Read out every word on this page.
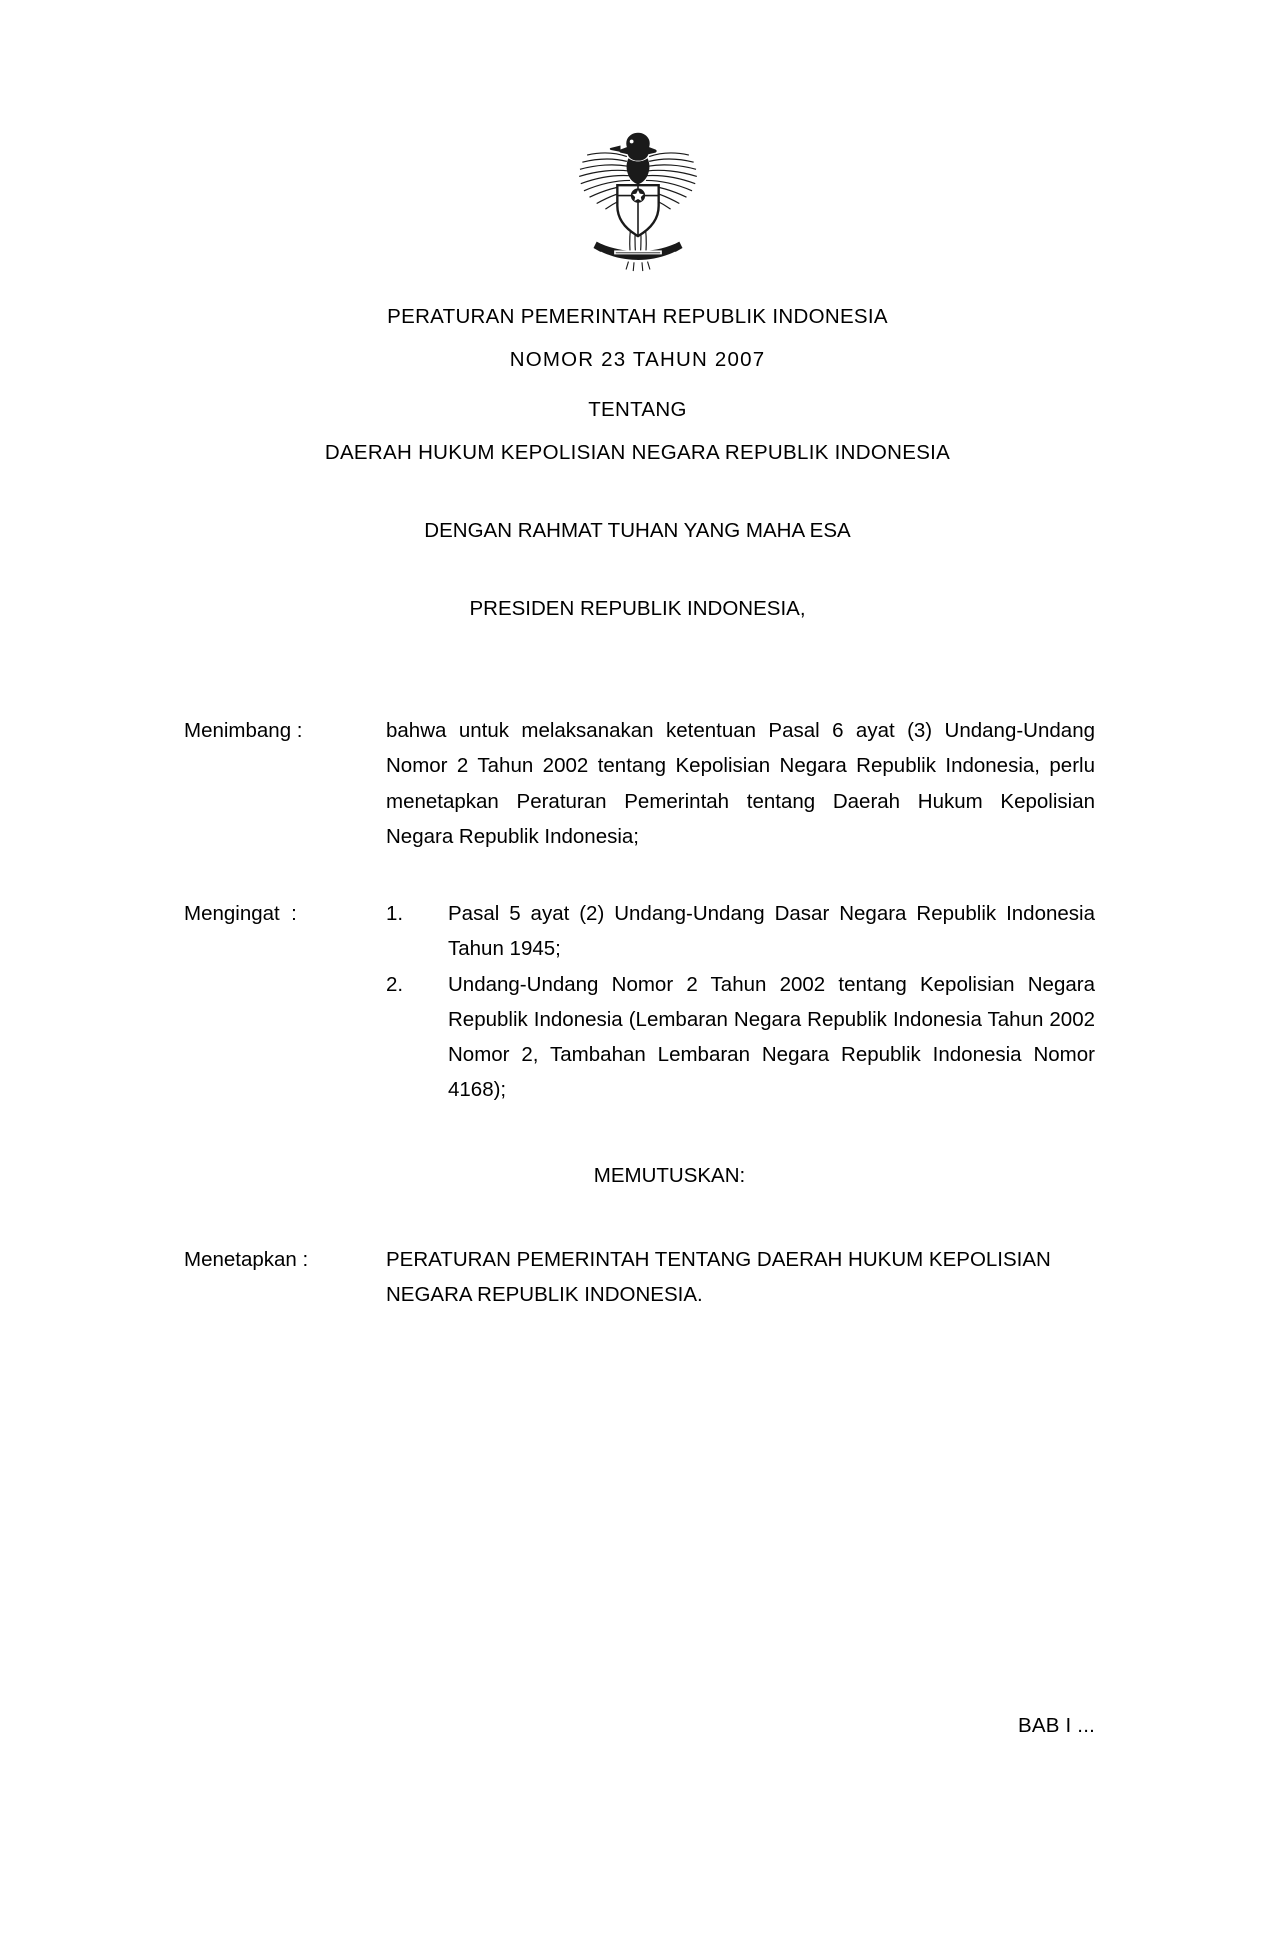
PERATURAN PEMERINTAH REPUBLIK INDONESIA

NOMOR 23 TAHUN 2007

TENTANG

DAERAH HUKUM KEPOLISIAN NEGARA REPUBLIK INDONESIA

DENGAN RAHMAT TUHAN YANG MAHA ESA
PRESIDEN REPUBLIK INDONESIA,
Menimbang :	bahwa untuk melaksanakan ketentuan Pasal 6 ayat (3) Undang-Undang Nomor 2 Tahun 2002 tentang Kepolisian Negara Republik Indonesia, perlu menetapkan Peraturan Pemerintah tentang Daerah Hukum Kepolisian Negara Republik Indonesia;
Mengingat  :	1.	Pasal 5 ayat (2) Undang-Undang Dasar Negara Republik Indonesia Tahun 1945;
2.	Undang-Undang Nomor 2 Tahun 2002 tentang Kepolisian Negara Republik Indonesia (Lembaran Negara Republik Indonesia Tahun 2002 Nomor 2, Tambahan Lembaran Negara Republik Indonesia Nomor 4168);
MEMUTUSKAN:
Menetapkan :	PERATURAN PEMERINTAH TENTANG DAERAH HUKUM KEPOLISIAN NEGARA REPUBLIK INDONESIA.
BAB I ...
